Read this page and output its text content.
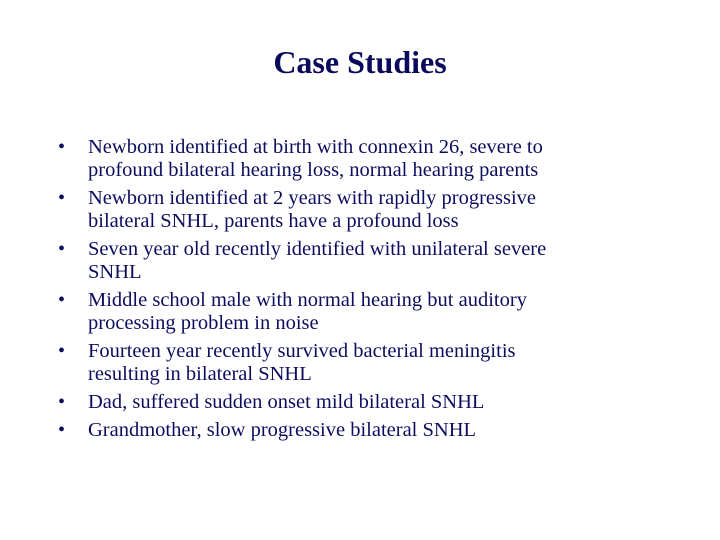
Case Studies
• Newborn identified at birth with connexin 26, severe to
profound bilateral hearing loss, normal hearing parents
• Newborn identified at 2 years with rapidly progressive
bilateral SNHL, parents have a profound loss
• Seven year old recently identified with unilateral severe
SNHL
• Middle school male with normal hearing but auditory
processing problem in noise
• Fourteen year recently survived bacterial meningitis
resulting in bilateral SNHL
• Dad, suffered sudden onset mild bilateral SNHL
• Grandmother, slow progressive bilateral SNHL
